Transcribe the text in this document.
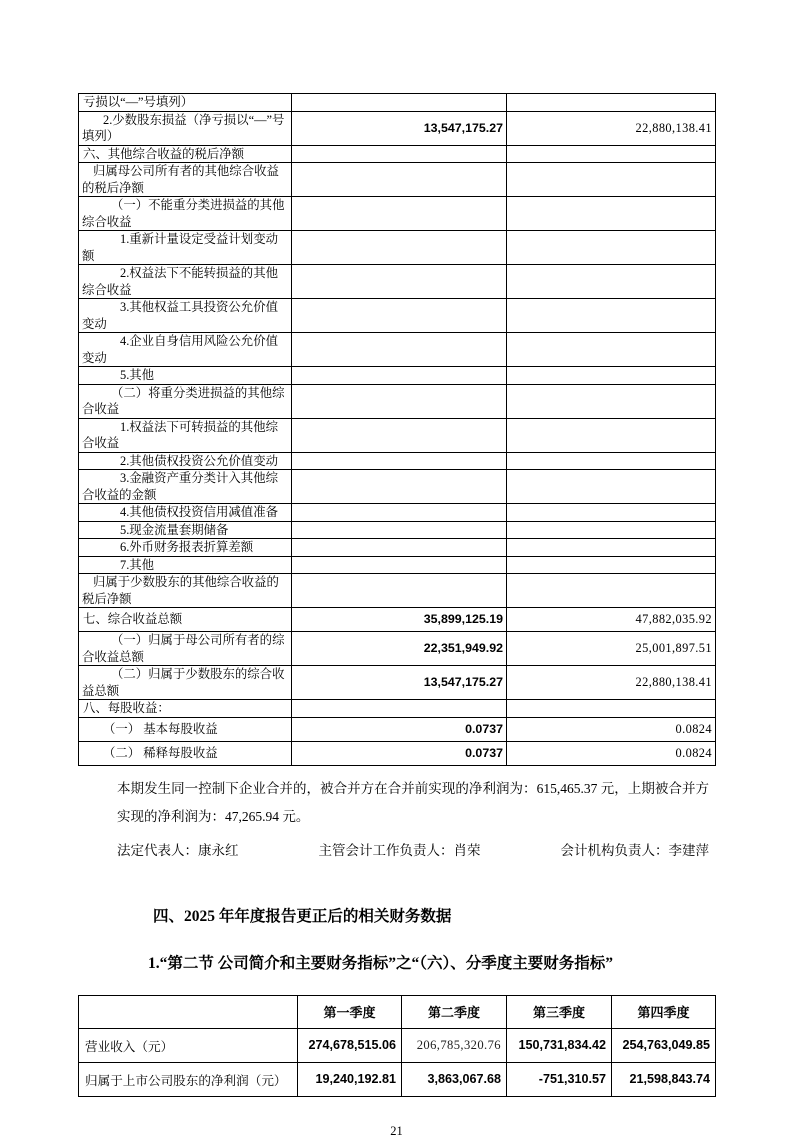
亏损以“—”号填列）		
2.少数股东损益（净亏损以“—”号填列）	13,547,175.27	22,880,138.41
六、其他综合收益的税后净额		
归属母公司所有者的其他综合收益的税后净额		
（一）不能重分类进损益的其他综合收益		
1.重新计量设定受益计划变动额		
2.权益法下不能转损益的其他综合收益		
3.其他权益工具投资公允价值变动		
4.企业自身信用风险公允价值变动		
5.其他		
（二）将重分类进损益的其他综合收益		
1.权益法下可转损益的其他综合收益		
2.其他债权投资公允价值变动		
3.金融资产重分类计入其他综合收益的金额		
4.其他债权投资信用减值准备		
5.现金流量套期储备		
6.外币财务报表折算差额		
7.其他		
归属于少数股东的其他综合收益的税后净额		
七、综合收益总额	35,899,125.19	47,882,035.92
（一）归属于母公司所有者的综合收益总额	22,351,949.92	25,001,897.51
（二）归属于少数股东的综合收益总额	13,547,175.27	22,880,138.41
八、每股收益：		
（一） 基本每股收益	0.0737	0.0824
（二） 稀释每股收益	0.0737	0.0824

本期发生同一控制下企业合并的，被合并方在合并前实现的净利润为：615,465.37 元，上期被合并方实现的净利润为：47,265.94 元。

法定代表人：康永红	主管会计工作负责人：肖荣	会计机构负责人：李建萍
四、2025 年年度报告更正后的相关财务数据
1.“第二节 公司简介和主要财务指标”之“（六）、分季度主要财务指标”
	第一季度	第二季度	第三季度	第四季度
营业收入（元）	274,678,515.06	206,785,320.76	150,731,834.42	254,763,049.85
归属于上市公司股东的净利润（元）	19,240,192.81	3,863,067.68	-751,310.57	21,598,843.74
21
